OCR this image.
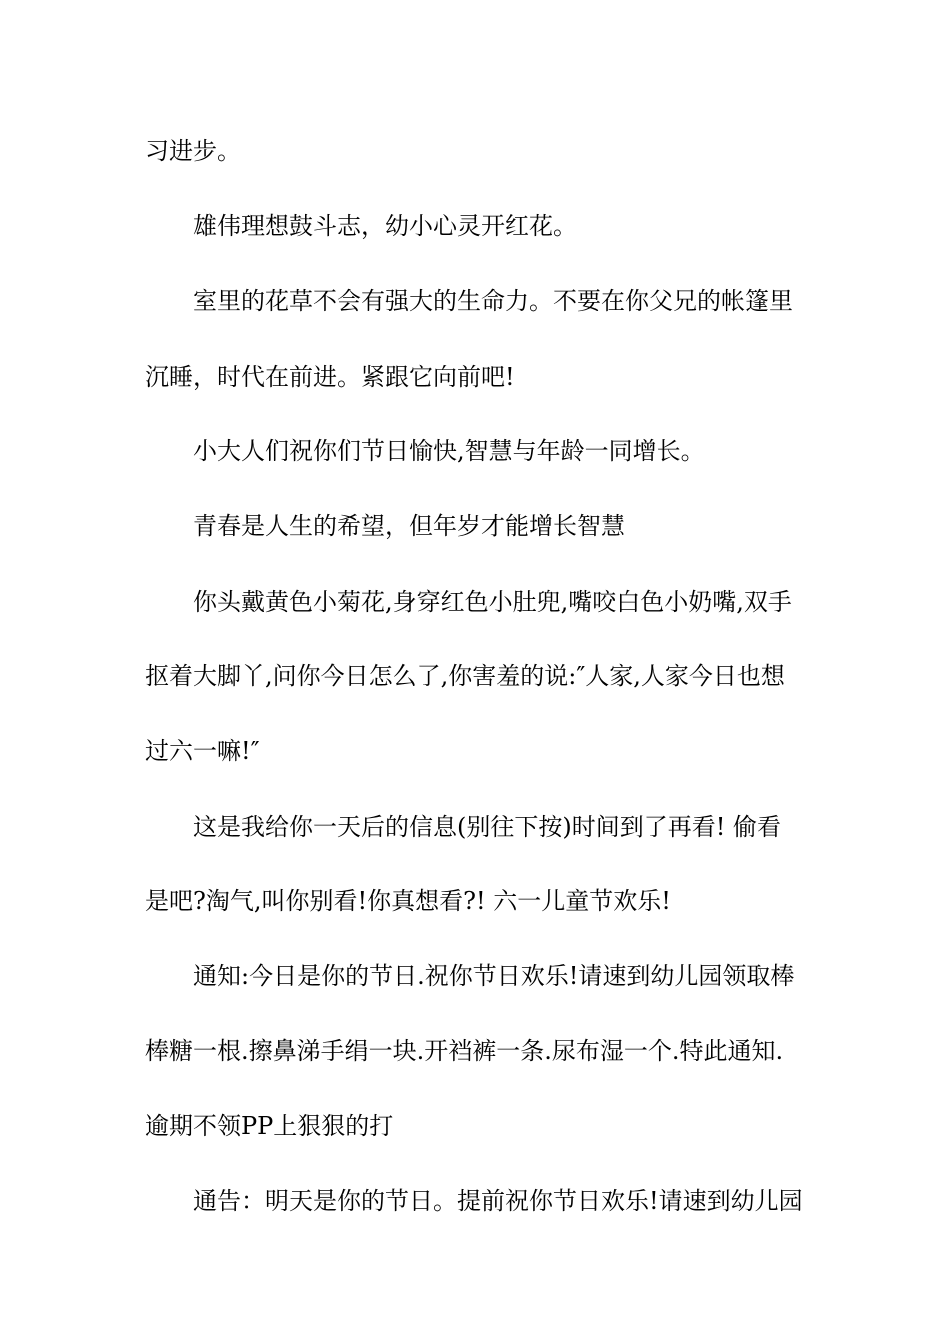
习进步。

雄伟理想鼓斗志，幼小心灵开红花。

室里的花草不会有强大的生命力。不要在你父兄的帐篷里

沉睡，时代在前进。紧跟它向前吧!

小大人们祝你们节日愉快,智慧与年龄一同增长。

青春是人生的希望，但年岁才能增长智慧

你头戴黄色小菊花,身穿红色小肚兜,嘴咬白色小奶嘴,双手

抠着大脚丫,问你今日怎么了,你害羞的说:″人家,人家今日也想

过六一嘛!″

这是我给你一天后的信息(别往下按)时间到了再看! 偷看

是吧?淘气,叫你别看!你真想看?! 六一儿童节欢乐!

通知:今日是你的节日.祝你节日欢乐!请速到幼儿园领取棒

棒糖一根.擦鼻涕手绢一块.开裆裤一条.尿布湿一个.特此通知.

逾期不领PP上狠狠的打

通告：明天是你的节日。提前祝你节日欢乐!请速到幼儿园
